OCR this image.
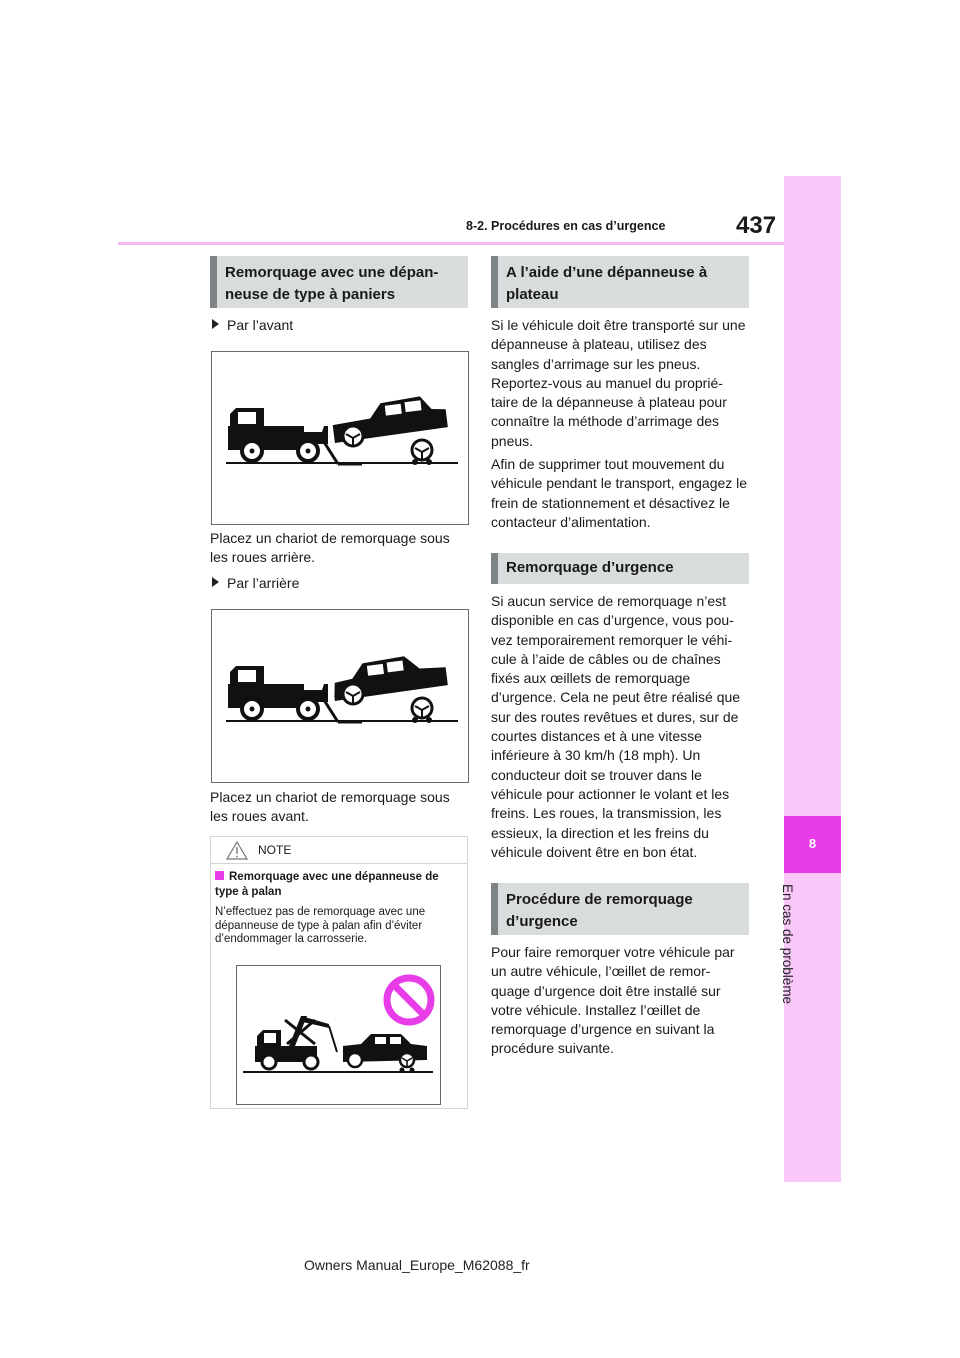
8-2. Procédures en cas d’urgence	437
8
En cas de problème
Remorquage avec une dépan-neuse de type à paniers
Par l’avant
Placez un chariot de remorquage sous les roues arrière.
Par l’arrière
Placez un chariot de remorquage sous les roues avant.
NOTE
Remorquage avec une dépanneuse de type à palan
N’effectuez pas de remorquage avec une dépanneuse de type à palan afin d’éviter d’endommager la carrosserie.
A l’aide d’une dépanneuse à plateau
Si le véhicule doit être transporté sur une dépanneuse à plateau, utilisez des sangles d’arrimage sur les pneus. Reportez-vous au manuel du proprié-taire de la dépanneuse à plateau pour connaître la méthode d’arrimage des pneus.
Afin de supprimer tout mouvement du véhicule pendant le transport, engagez le frein de stationnement et désactivez le contacteur d’alimentation.
Remorquage d’urgence
Si aucun service de remorquage n’est disponible en cas d’urgence, vous pou-vez temporairement remorquer le véhi-cule à l’aide de câbles ou de chaînes fixés aux œillets de remorquage d’urgence. Cela ne peut être réalisé que sur des routes revêtues et dures, sur de courtes distances et à une vitesse inférieure à 30 km/h (18 mph). Un conducteur doit se trouver dans le véhicule pour actionner le volant et les freins. Les roues, la transmission, les essieux, la direction et les freins du véhicule doivent être en bon état.
Procédure de remorquage d’urgence
Pour faire remorquer votre véhicule par un autre véhicule, l’œillet de remor-quage d’urgence doit être installé sur votre véhicule. Installez l’œillet de remorquage d’urgence en suivant la procédure suivante.
Owners Manual_Europe_M62088_fr
